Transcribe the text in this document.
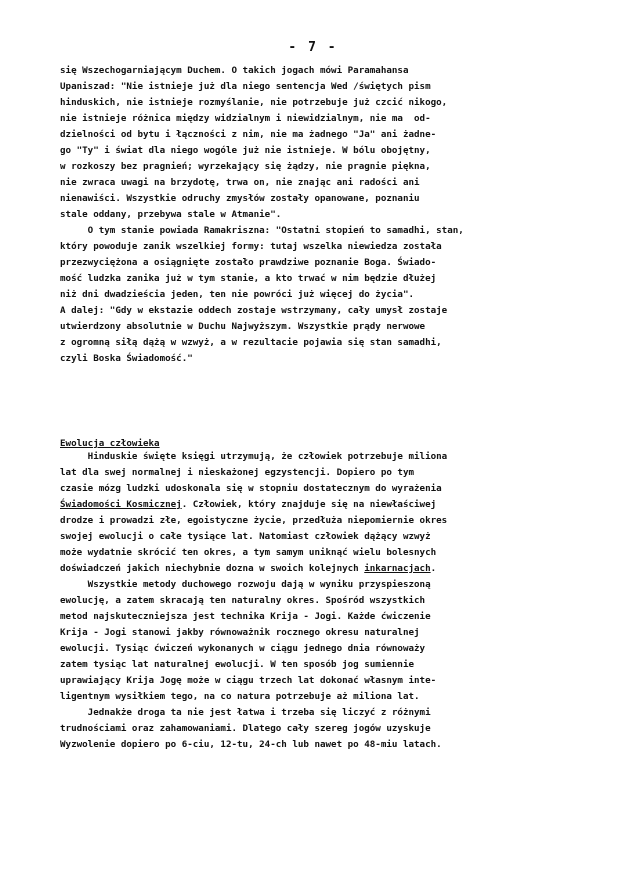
- 7 -
się Wszechogarniającym Duchem. O takich jogach mówi Paramahansa
Upaniszad: "Nie istnieje już dla niego sentencja Wed /świętych pism
hinduskich, nie istnieje rozmyślanie, nie potrzebuje już czcić nikogo,
nie istnieje różnica między widzialnym i niewidzialnym, nie ma  od-
dzielności od bytu i łączności z nim, nie ma żadnego "Ja" ani żadne-
go "Ty" i świat dla niego wogóle już nie istnieje. W bólu obojętny,
w rozkoszy bez pragnień; wyrzekający się żądzy, nie pragnie piękna,
nie zwraca uwagi na brzydotę, trwa on, nie znając ani radości ani
nienawiści. Wszystkie odruchy zmysłów zostały opanowane, poznaniu
stale oddany, przebywa stale w Atmanie".
O tym stanie powiada Ramakriszna: "Ostatni stopień to samadhi, stan,
który powoduje zanik wszelkiej formy: tutaj wszelka niewiedza została
przezwyciężona a osiągnięte zostało prawdziwe poznanie Boga. Świado-
mość ludzka zanika już w tym stanie, a kto trwać w nim będzie dłużej
niż dni dwadzieścia jeden, ten nie powróci już więcej do życia".
A dalej: "Gdy w ekstazie oddech zostaje wstrzymany, cały umysł zostaje
utwierdzony absolutnie w Duchu Najwyższym. Wszystkie prądy nerwowe
z ogromną siłą dążą w wzwyż, a w rezultacie pojawia się stan samadhi,
czyli Boska Świadomość."
Ewolucja człowieka
Hinduskie święte księgi utrzymują, że człowiek potrzebuje miliona
lat dla swej normalnej i nieskażonej egzystencji. Dopiero po tym
czasie mózg ludzki udoskonala się w stopniu dostatecznym do wyrażenia
Świadomości Kosmicznej. Człowiek, który znajduje się na niewłaściwej
drodze i prowadzi złe, egoistyczne życie, przedłuża niepomiernie okres
swojej ewolucji o całe tysiące lat. Natomiast człowiek dążący wzwyż
może wydatnie skrócić ten okres, a tym samym uniknąć wielu bolesnych
doświadczeń jakich niechybnie dozna w swoich kolejnych inkarnacjach.
Wszystkie metody duchowego rozwoju dają w wyniku przyspieszoną
ewolucję, a zatem skracają ten naturalny okres. Spośród wszystkich
metod najskuteczniejsza jest technika Krija - Jogi. Każde ćwiczenie
Krija - Jogi stanowi jakby równoważnik rocznego okresu naturalnej
ewolucji. Tysiąc ćwiczeń wykonanych w ciągu jednego dnia równoważy
zatem tysiąc lat naturalnej ewolucji. W ten sposób jog sumiennie
uprawiający Krija Jogę może w ciągu trzech lat dokonać własnym inte-
ligentnym wysiłkiem tego, na co natura potrzebuje aż miliona lat.
Jednakże droga ta nie jest łatwa i trzeba się liczyć z różnymi
trudnościami oraz zahamowaniami. Dlatego cały szereg jogów uzyskuje
Wyzwolenie dopiero po 6-ciu, 12-tu, 24-ch lub nawet po 48-miu latach.
